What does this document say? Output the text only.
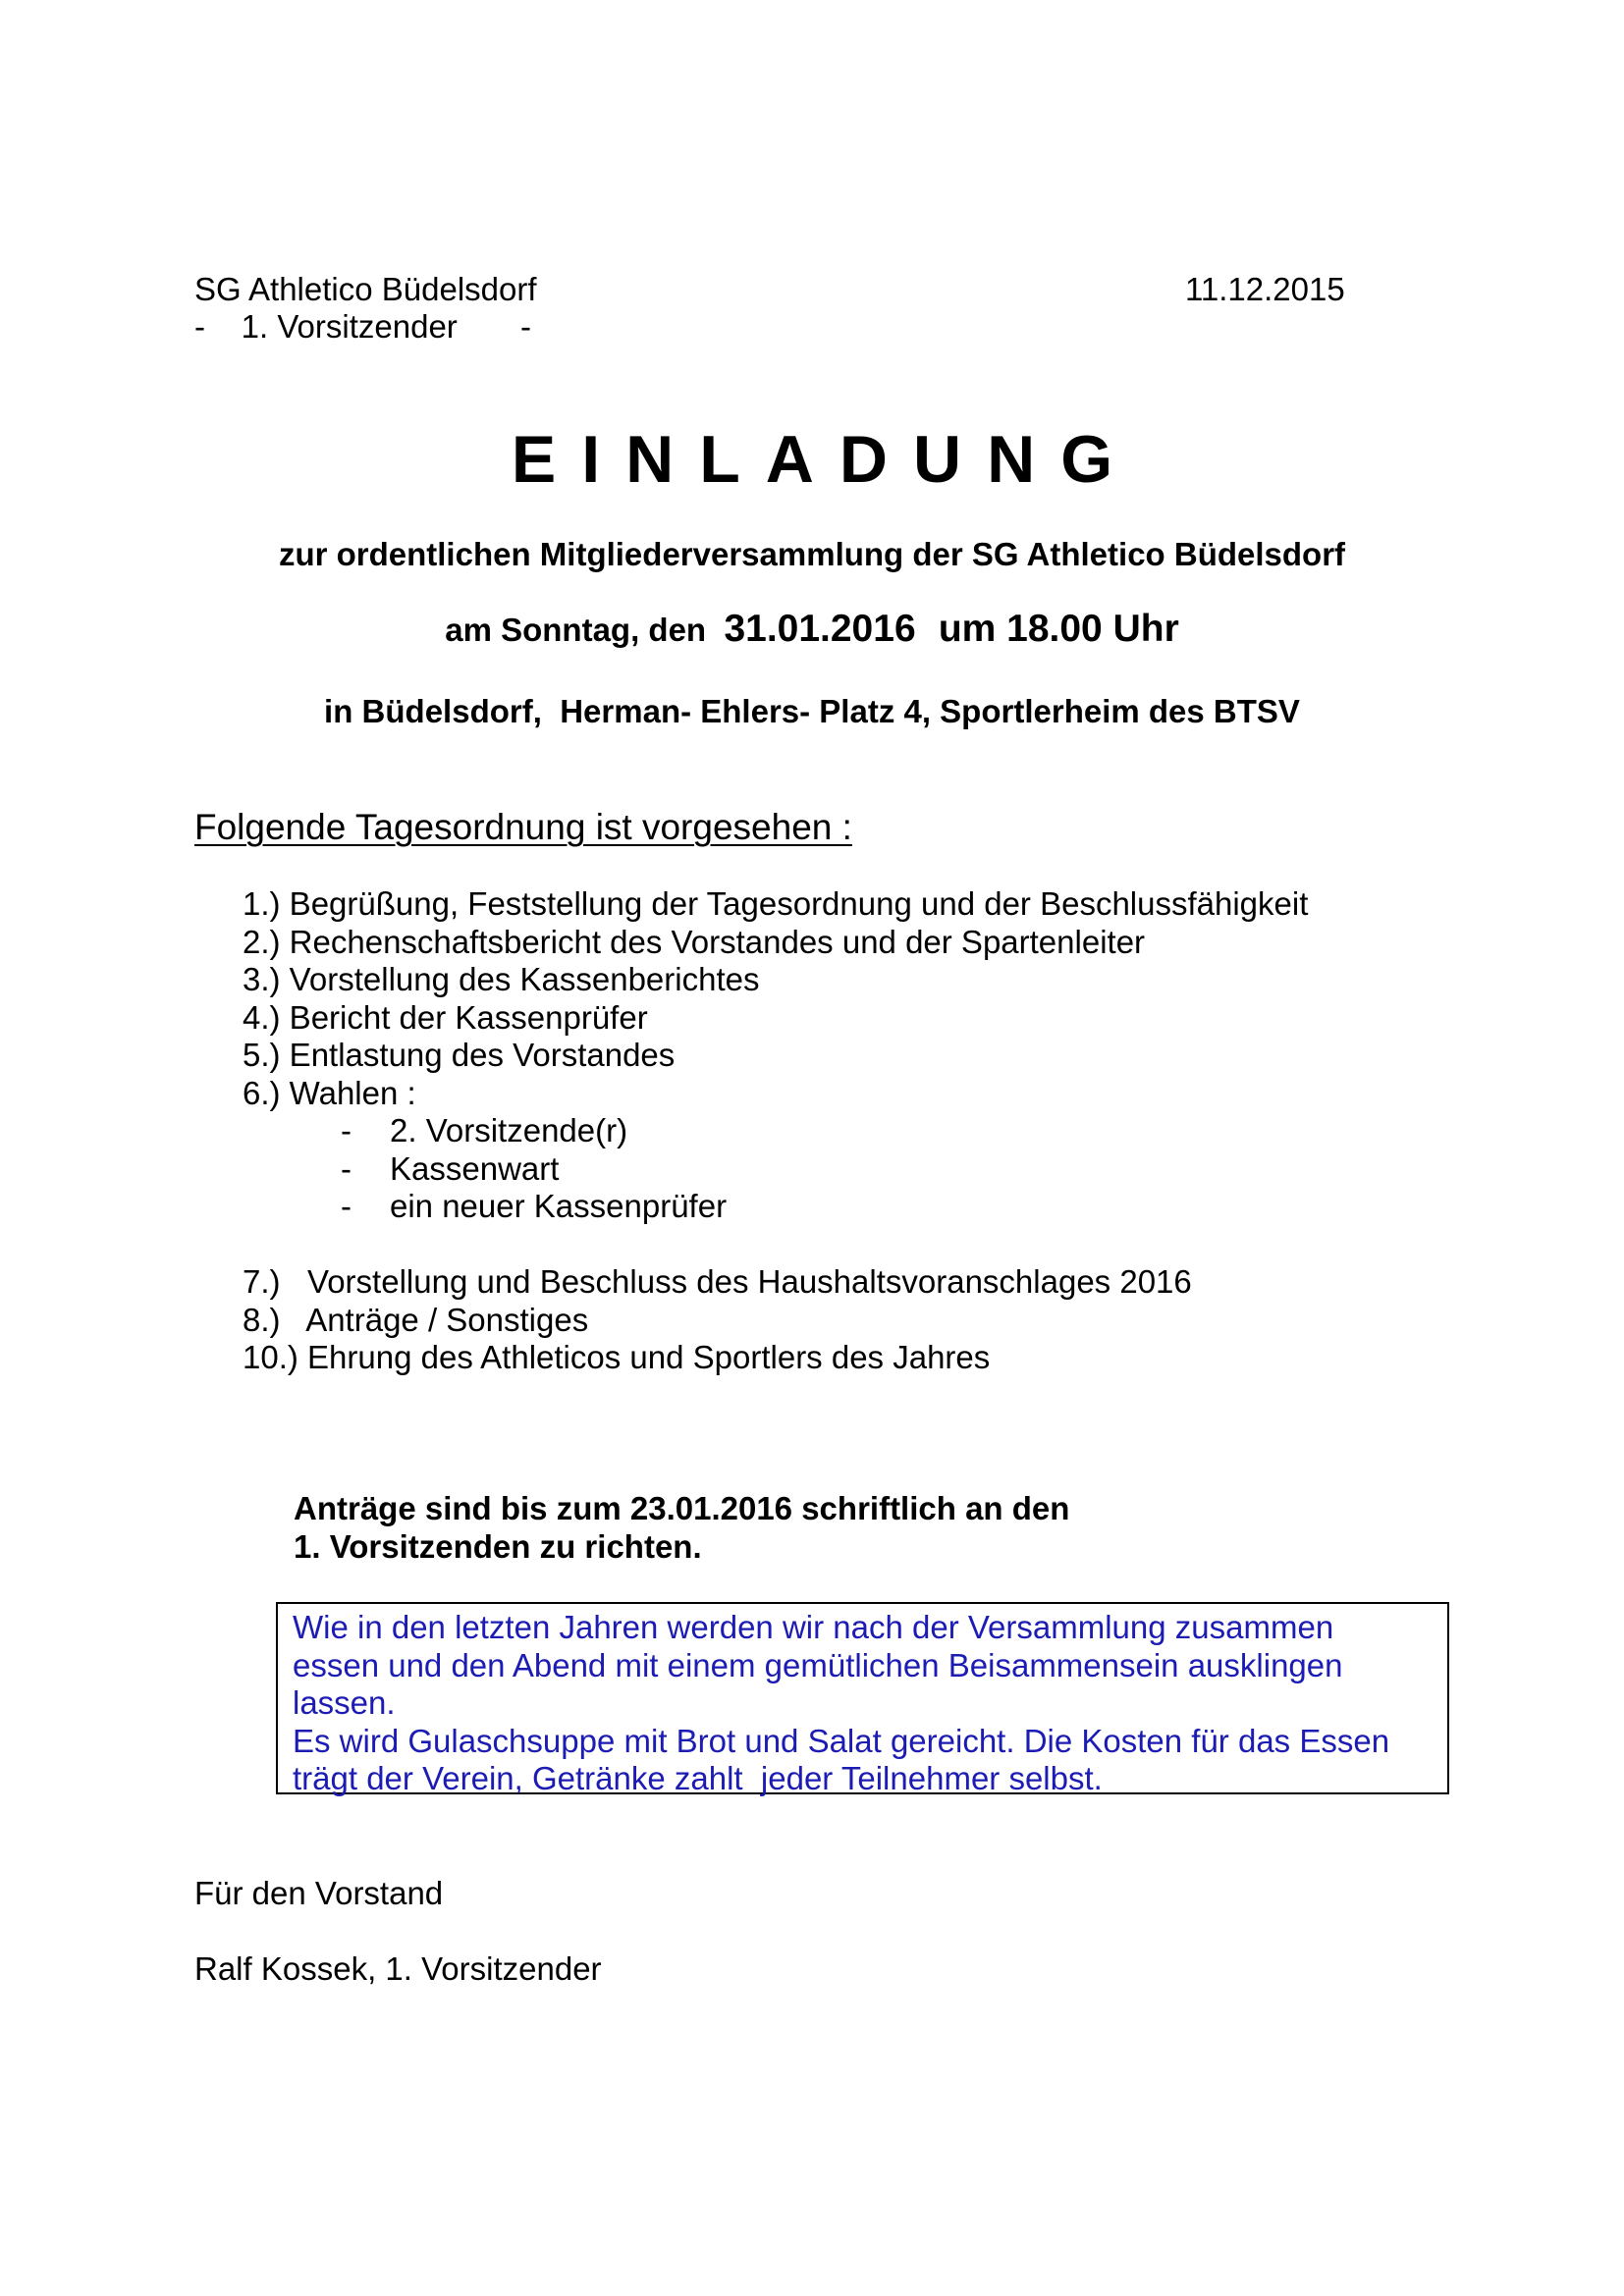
SG Athletico Büdelsdorf	11.12.2015
-    1. Vorsitzender       -
EINLADUNG
zur ordentlichen Mitgliederversammlung der SG Athletico Büdelsdorf
am Sonntag, den  31.01.2016 um 18.00 Uhr
in Büdelsdorf,  Herman- Ehlers- Platz 4, Sportlerheim des BTSV
Folgende Tagesordnung ist vorgesehen :
1.) Begrüßung, Feststellung der Tagesordnung und der Beschlussfähigkeit
2.) Rechenschaftsbericht des Vorstandes und der Spartenleiter
3.) Vorstellung des Kassenberichtes
4.) Bericht der Kassenprüfer
5.) Entlastung des Vorstandes
6.) Wahlen :
- 2. Vorsitzende(r)
- Kassenwart
- ein neuer Kassenprüfer
7.)   Vorstellung und Beschluss des Haushaltsvoranschlages 2016
8.)   Anträge / Sonstiges
10.) Ehrung des Athleticos und Sportlers des Jahres
Anträge sind bis zum 23.01.2016 schriftlich an den
1. Vorsitzenden zu richten.

Wie in den letzten Jahren werden wir nach der Versammlung zusammen

essen und den Abend mit einem gemütlichen Beisammensein ausklingen

lassen.

Es wird Gulaschsuppe mit Brot und Salat gereicht. Die Kosten für das Essen

trägt der Verein, Getränke zahlt  jeder Teilnehmer selbst.

Für den Vorstand
Ralf Kossek, 1. Vorsitzender
